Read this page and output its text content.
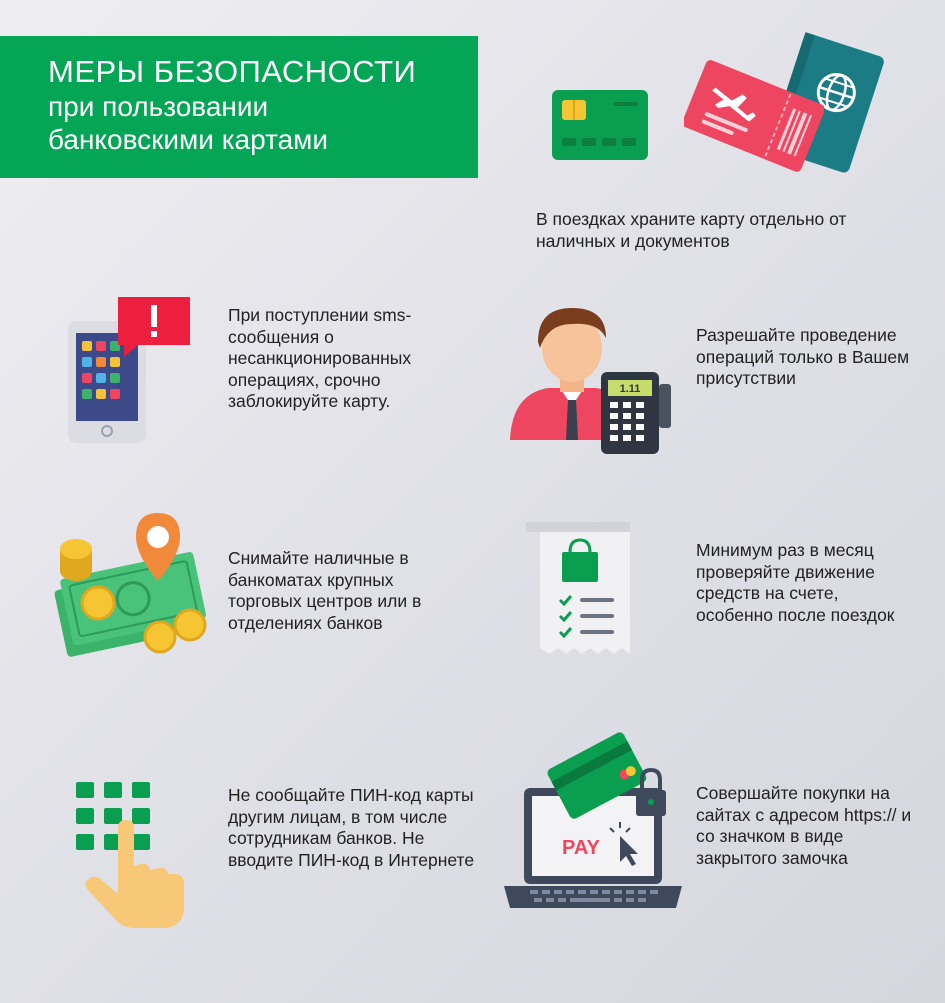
МЕРЫ БЕЗОПАСНОСТИ
при пользовании
банковскими картами
В поездках храните карту отдельно от наличных и документов
При поступлении sms-сообщения о несанкционированных операциях, срочно заблокируйте карту.
1.11
Разрешайте проведение операций только в Вашем присутствии
Снимайте наличные в банкоматах крупных торговых центров или в отделениях банков
Минимум раз в месяц проверяйте движение средств на счете, особенно после поездок
Не сообщайте ПИН-код карты другим лицам, в том числе сотрудникам банков. Не вводите ПИН-код в Интернете
PAY
Совершайте покупки на сайтах с адресом https:// и со значком в виде закрытого замочка
